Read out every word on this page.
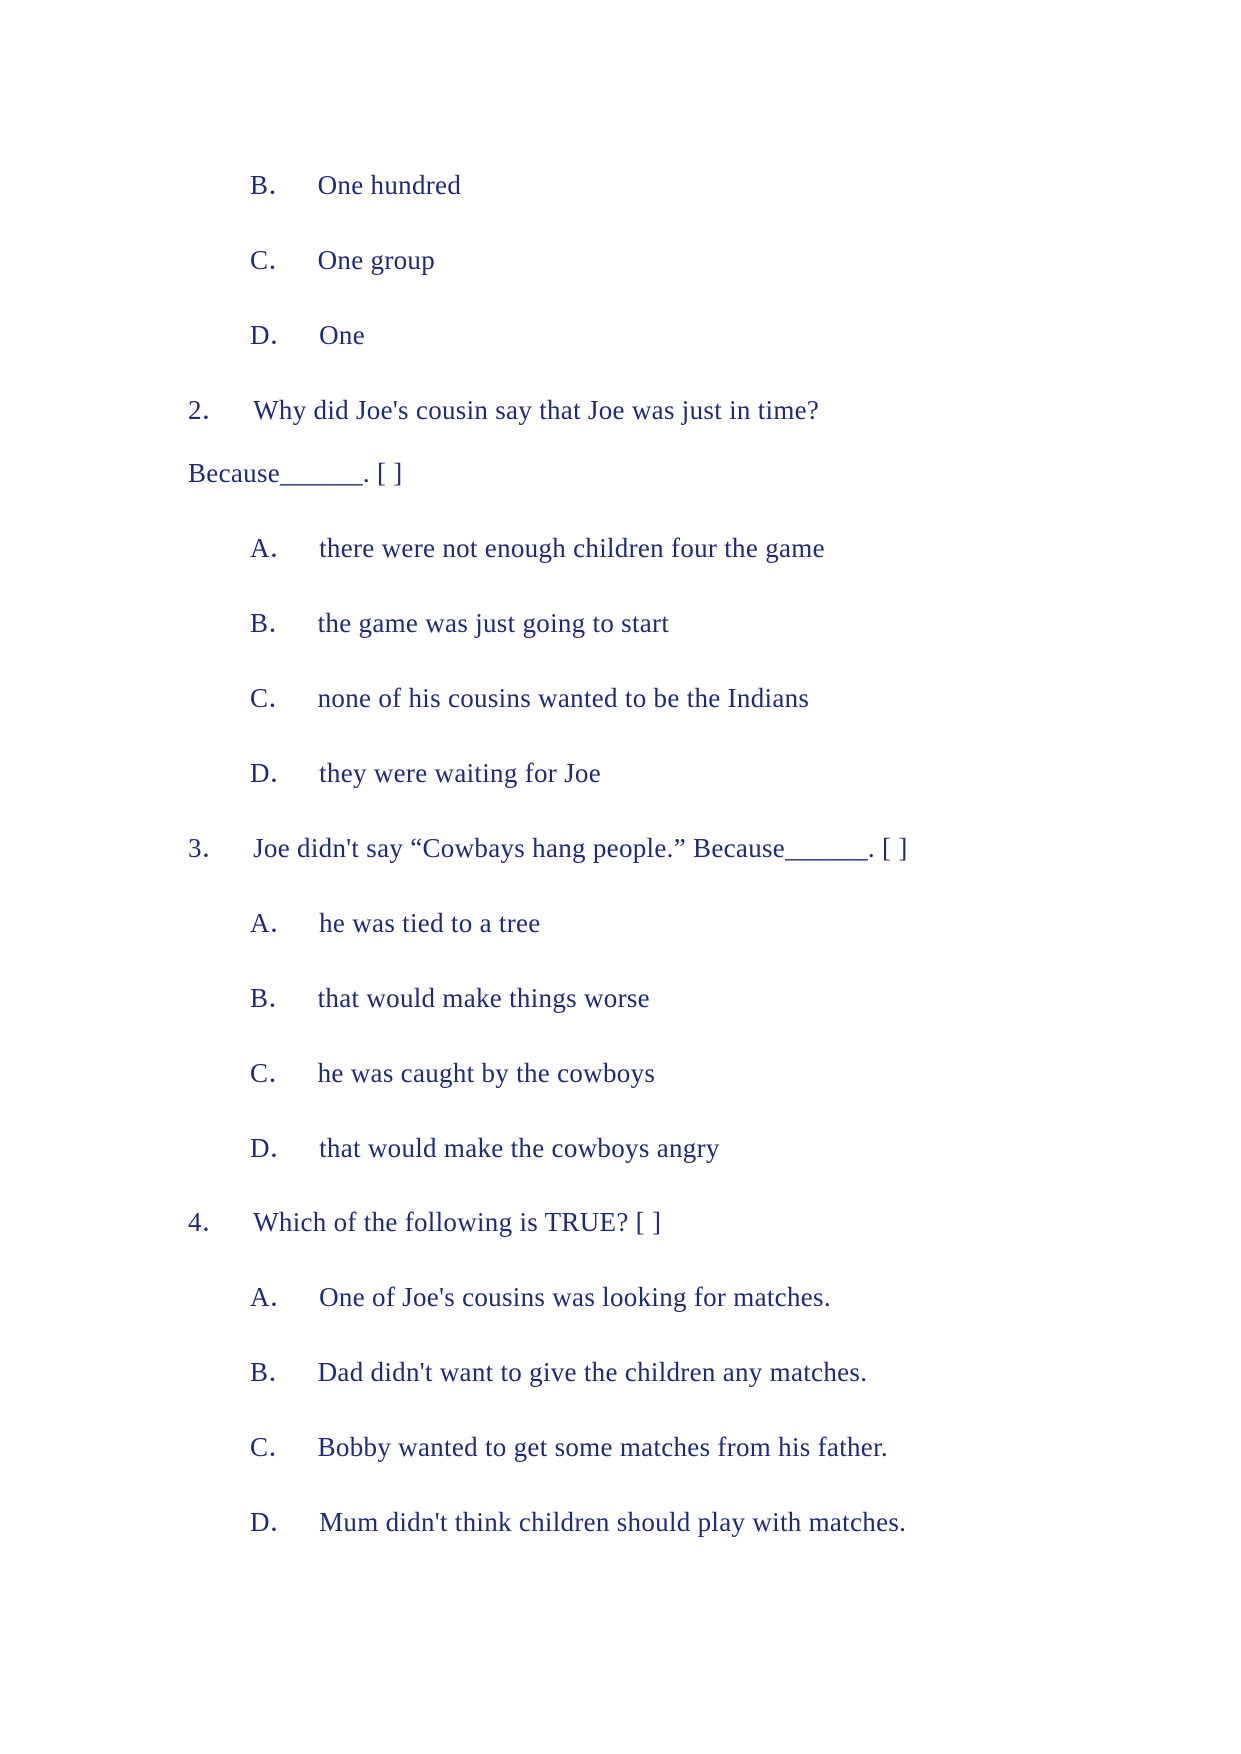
B． One hundred
C． One group
D． One
2． Why did Joe's cousin say that Joe was just in time?
Because______. [ ]
A． there were not enough children four the game
B． the game was just going to start
C． none of his cousins wanted to be the Indians
D． they were waiting for Joe
3． Joe didn't say “Cowbays hang people.” Because______. [ ]
A． he was tied to a tree
B． that would make things worse
C． he was caught by the cowboys
D． that would make the cowboys angry
4． Which of the following is TRUE? [ ]
A． One of Joe's cousins was looking for matches.
B． Dad didn't want to give the children any matches.
C． Bobby wanted to get some matches from his father.
D． Mum didn't think children should play with matches.
